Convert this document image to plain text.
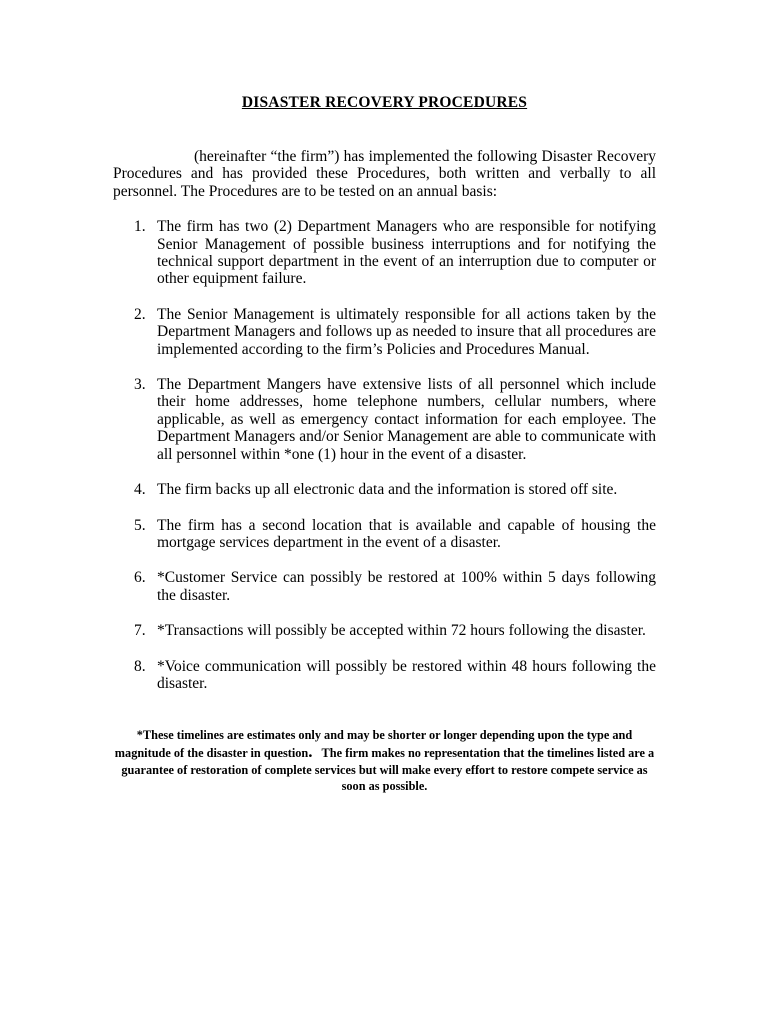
DISASTER RECOVERY PROCEDURES

(hereinafter “the firm”) has implemented the following Disaster Recovery Procedures and has provided these Procedures, both written and verbally to all personnel. The Procedures are to be tested on an annual basis:

1. The firm has two (2) Department Managers who are responsible for notifying Senior Management of possible business interruptions and for notifying the technical support department in the event of an interruption due to computer or other equipment failure.
2. The Senior Management is ultimately responsible for all actions taken by the Department Managers and follows up as needed to insure that all procedures are implemented according to the firm’s Policies and Procedures Manual.
3. The Department Mangers have extensive lists of all personnel which include their home addresses, home telephone numbers, cellular numbers, where applicable, as well as emergency contact information for each employee. The Department Managers and/or Senior Management are able to communicate with all personnel within *one (1) hour in the event of a disaster.
4. The firm backs up all electronic data and the information is stored off site.
5. The firm has a second location that is available and capable of housing the mortgage services department in the event of a disaster.
6. *Customer Service can possibly be restored at 100% within 5 days following the disaster.
7. *Transactions will possibly be accepted within 72 hours following the disaster.
8. *Voice communication will possibly be restored within 48 hours following the disaster.

*These timelines are estimates only and may be shorter or longer depending upon the type and magnitude of the disaster in question. The firm makes no representation that the timelines listed are a guarantee of restoration of complete services but will make every effort to restore compete service as soon as possible.
